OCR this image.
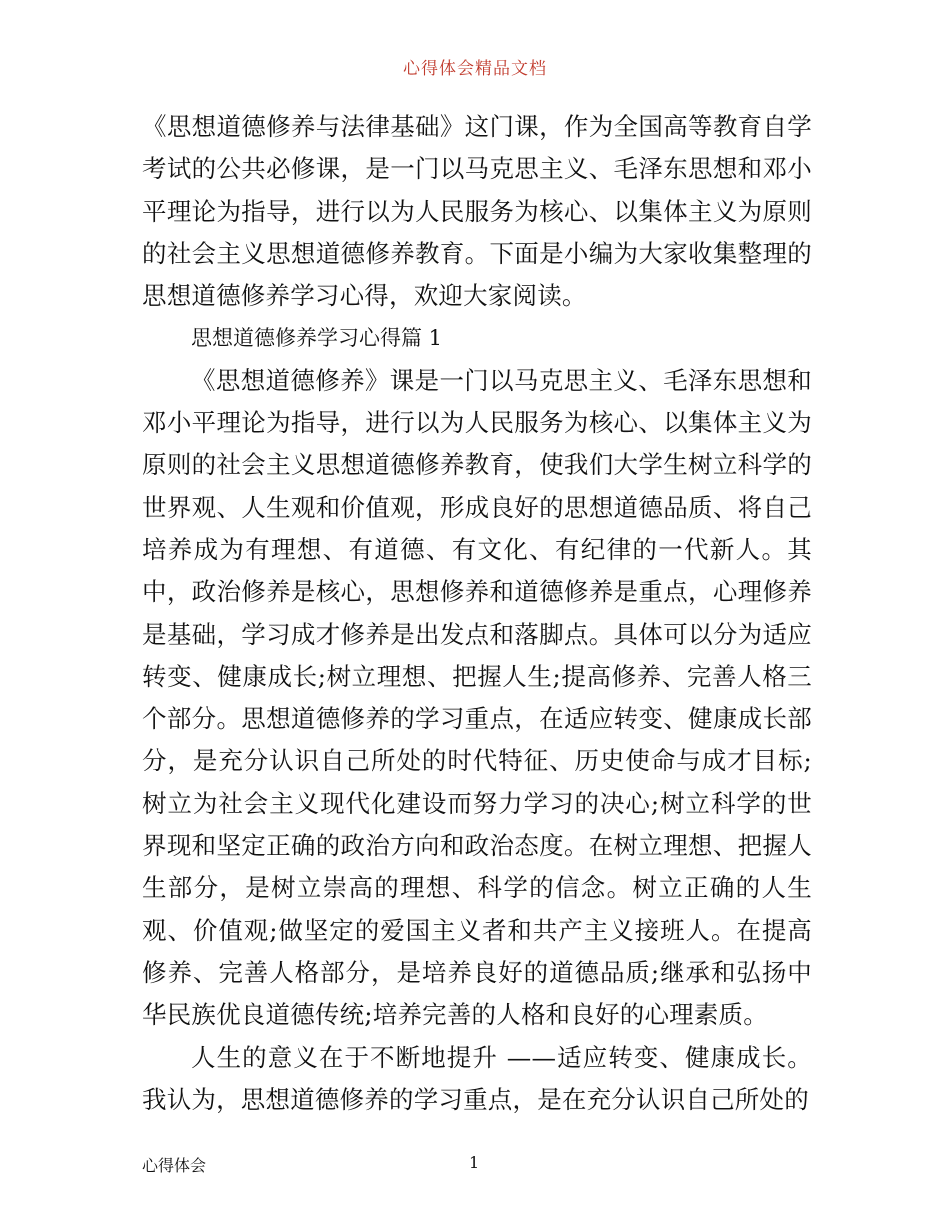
心得体会精品文档

《思想道德修养与法律基础》这门课，作为全国高等教育自学考试的公共必修课，是一门以马克思主义、毛泽东思想和邓小平理论为指导，进行以为人民服务为核心、以集体主义为原则的社会主义思想道德修养教育。下面是小编为大家收集整理的思想道德修养学习心得，欢迎大家阅读。

思想道德修养学习心得篇 1

《思想道德修养》课是一门以马克思主义、毛泽东思想和邓小平理论为指导，进行以为人民服务为核心、以集体主义为原则的社会主义思想道德修养教育，使我们大学生树立科学的世界观、人生观和价值观，形成良好的思想道德品质、将自己培养成为有理想、有道德、有文化、有纪律的一代新人。其中，政治修养是核心，思想修养和道德修养是重点，心理修养是基础，学习成才修养是出发点和落脚点。具体可以分为适应转变、健康成长;树立理想、把握人生;提高修养、完善人格三个部分。思想道德修养的学习重点，在适应转变、健康成长部分，是充分认识自己所处的时代特征、历史使命与成才目标;树立为社会主义现代化建设而努力学习的决心;树立科学的世界现和坚定正确的政治方向和政治态度。在树立理想、把握人生部分，是树立崇高的理想、科学的信念。树立正确的人生观、价值观;做坚定的爱国主义者和共产主义接班人。在提高修养、完善人格部分，是培养良好的道德品质;继承和弘扬中华民族优良道德传统;培养完善的人格和良好的心理素质。

人生的意义在于不断地提升 ——适应转变、健康成长。我认为，思想道德修养的学习重点，是在充分认识自己所处的

心得体会	1
